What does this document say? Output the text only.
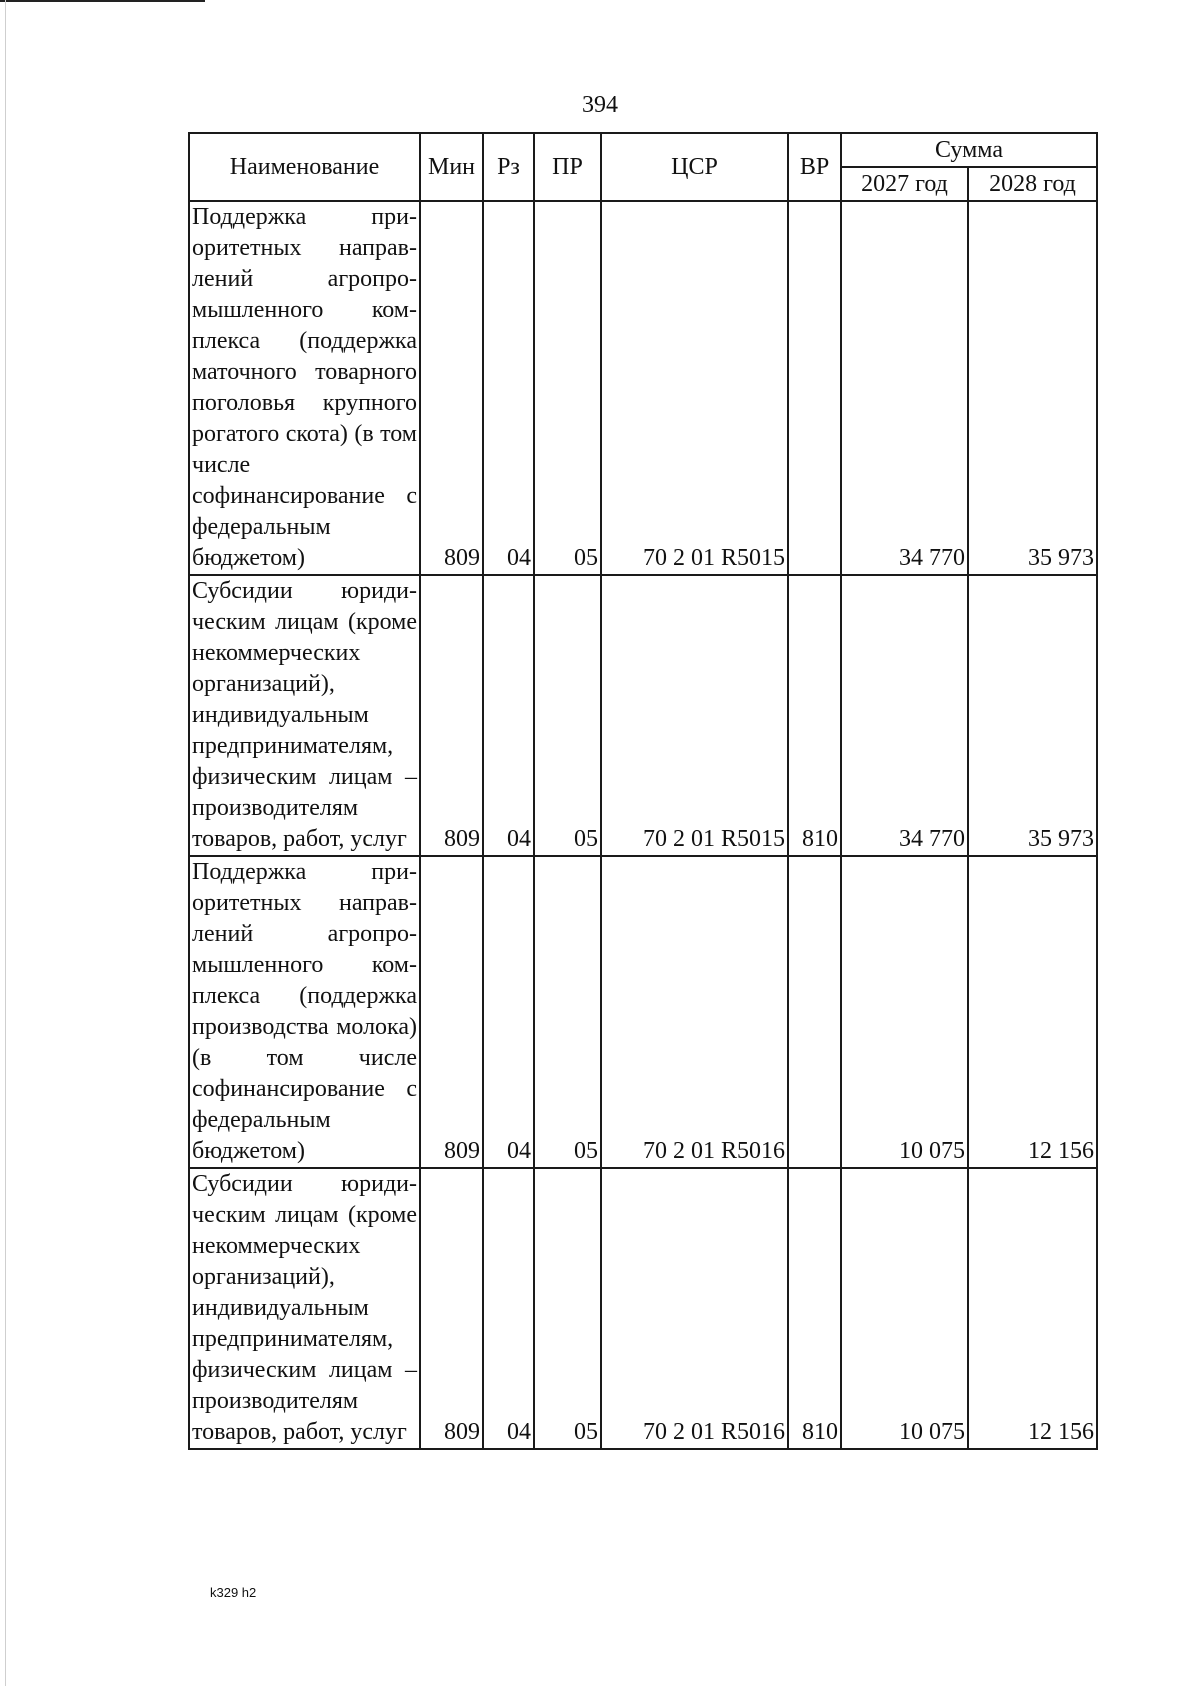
394
Наименование	Мин	Рз	ПР	ЦСР	ВР	Сумма	
						2027 год	2028 год
Поддержка приоритетных направлений агропромышленного комплекса (поддержка маточного товарного поголовья крупного рогатого скота) (в том числе софинансирование с федеральным бюджетом)	809	04	05	70 2 01 R5015		34 770	35 973
Субсидии юридическим лицам (кроме некоммерческих организаций), индивидуальным предпринимателям, физическим лицам – производителям товаров, работ, услуг	809	04	05	70 2 01 R5015	810	34 770	35 973
Поддержка приоритетных направлений агропромышленного комплекса (поддержка производства молока) (в том числе софинансирование с федеральным бюджетом)	809	04	05	70 2 01 R5016		10 075	12 156
Субсидии юридическим лицам (кроме некоммерческих организаций), индивидуальным предпринимателям, физическим лицам – производителям товаров, работ, услуг	809	04	05	70 2 01 R5016	810	10 075	12 156
k329 h2
